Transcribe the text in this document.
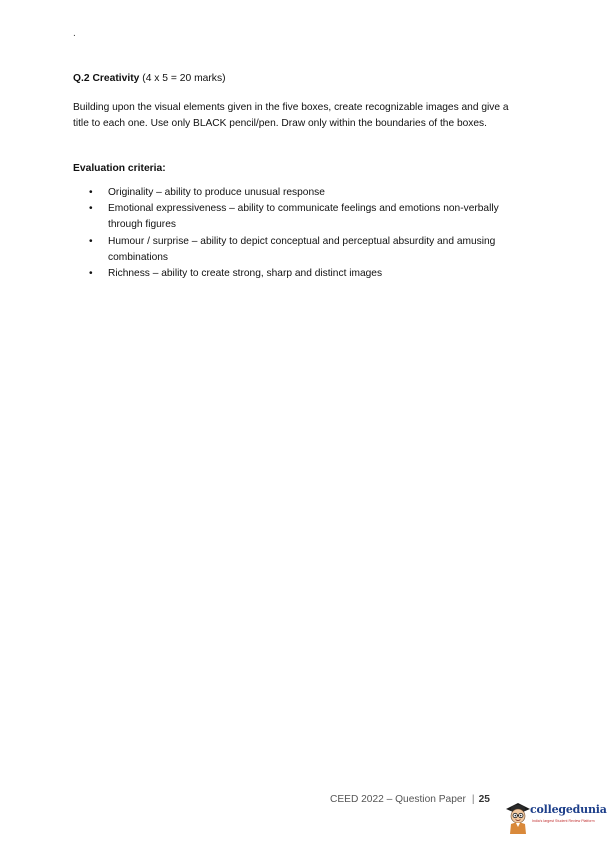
.
Q.2 Creativity (4 x 5 = 20 marks)
Building upon the visual elements given in the five boxes, create recognizable images and give a title to each one. Use only BLACK pencil/pen. Draw only within the boundaries of the boxes.
Evaluation criteria:
• Originality – ability to produce unusual response
• Emotional expressiveness – ability to communicate feelings and emotions non-verbally through figures
• Humour / surprise – ability to depict conceptual and perceptual absurdity and amusing combinations
• Richness – ability to create strong, sharp and distinct images
CEED 2022 – Question Paper | 25
collegedunia
India's largest Student Review Platform
